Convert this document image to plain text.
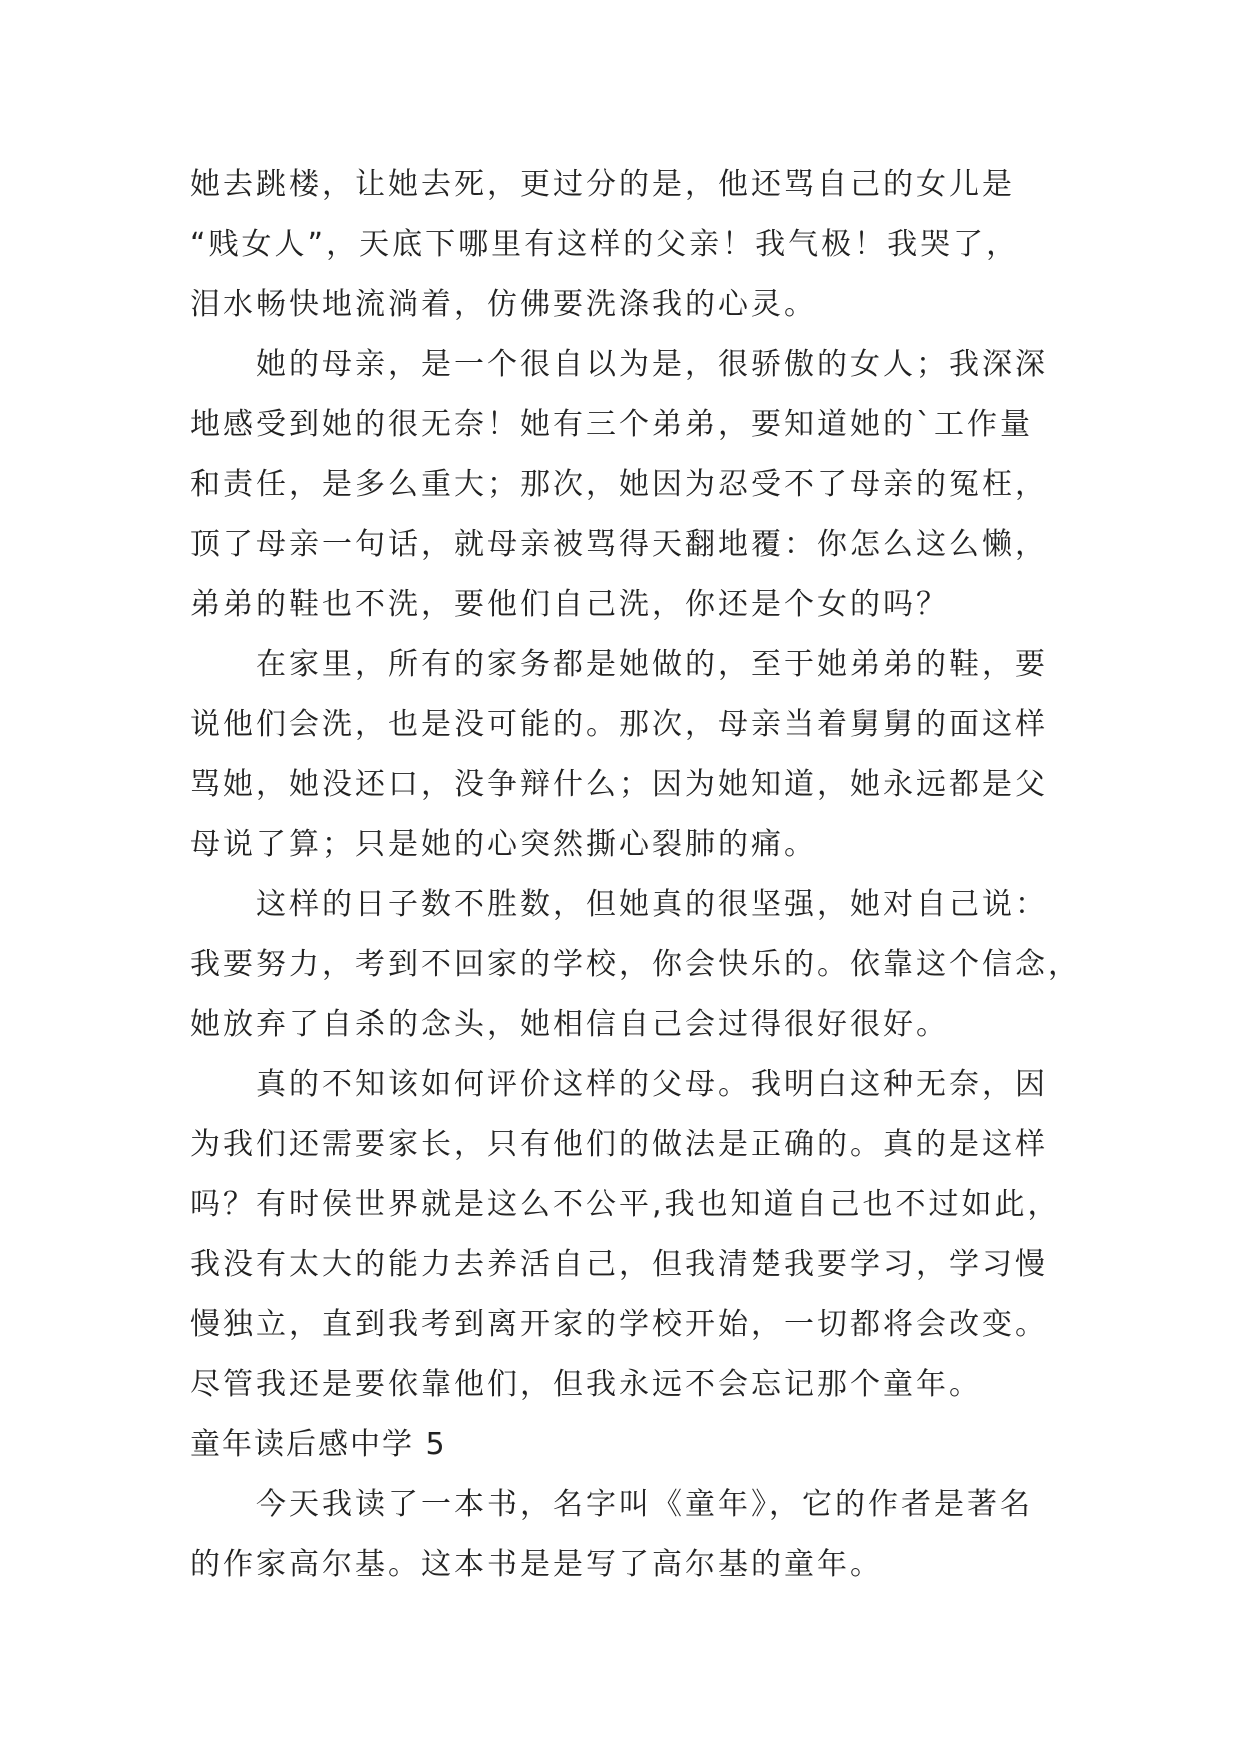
她去跳楼，让她去死，更过分的是，他还骂自己的女儿是
“贱女人”，天底下哪里有这样的父亲！我气极！我哭了，
泪水畅快地流淌着，仿佛要洗涤我的心灵。
她的母亲，是一个很自以为是，很骄傲的女人；我深深
地感受到她的很无奈！她有三个弟弟，要知道她的`工作量
和责任，是多么重大；那次，她因为忍受不了母亲的冤枉，
顶了母亲一句话，就母亲被骂得天翻地覆：你怎么这么懒，
弟弟的鞋也不洗，要他们自己洗，你还是个女的吗？
在家里，所有的家务都是她做的，至于她弟弟的鞋，要
说他们会洗，也是没可能的。那次，母亲当着舅舅的面这样
骂她，她没还口，没争辩什么；因为她知道，她永远都是父
母说了算；只是她的心突然撕心裂肺的痛。
这样的日子数不胜数，但她真的很坚强，她对自己说：
我要努力，考到不回家的学校，你会快乐的。依靠这个信念，
她放弃了自杀的念头，她相信自己会过得很好很好。
真的不知该如何评价这样的父母。我明白这种无奈，因
为我们还需要家长，只有他们的做法是正确的。真的是这样
吗？有时侯世界就是这么不公平,我也知道自己也不过如此，
我没有太大的能力去养活自己，但我清楚我要学习，学习慢
慢独立，直到我考到离开家的学校开始，一切都将会改变。
尽管我还是要依靠他们，但我永远不会忘记那个童年。
童年读后感中学 5
今天我读了一本书，名字叫《童年》，它的作者是著名
的作家高尔基。这本书是是写了高尔基的童年。
